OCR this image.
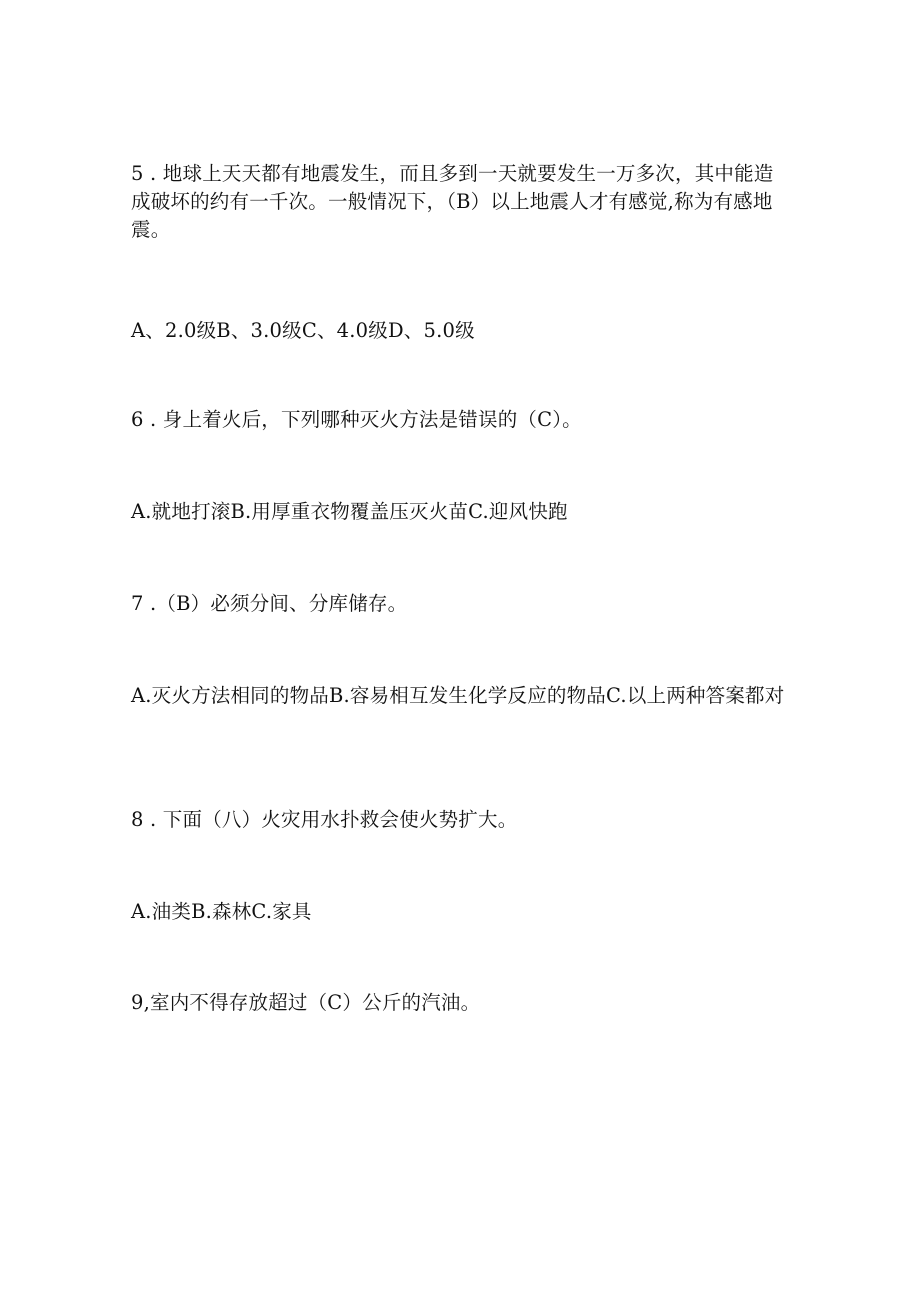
5 . 地球上天天都有地震发生，而且多到一天就要发生一万多次，其中能造成破坏的约有一千次。一般情况下，（B）以上地震人才有感觉,称为有感地震。

A、2.0级B、3.0级C、4.0级D、5.0级

6 . 身上着火后，下列哪种灭火方法是错误的（C）。

A.就地打滚B.用厚重衣物覆盖压灭火苗C.迎风快跑

7 .（B）必须分间、分库储存。

A.灭火方法相同的物品B.容易相互发生化学反应的物品C.以上两种答案都对

8 . 下面（八）火灾用水扑救会使火势扩大。

A.油类B.森林C.家具

9,室内不得存放超过（C）公斤的汽油。
